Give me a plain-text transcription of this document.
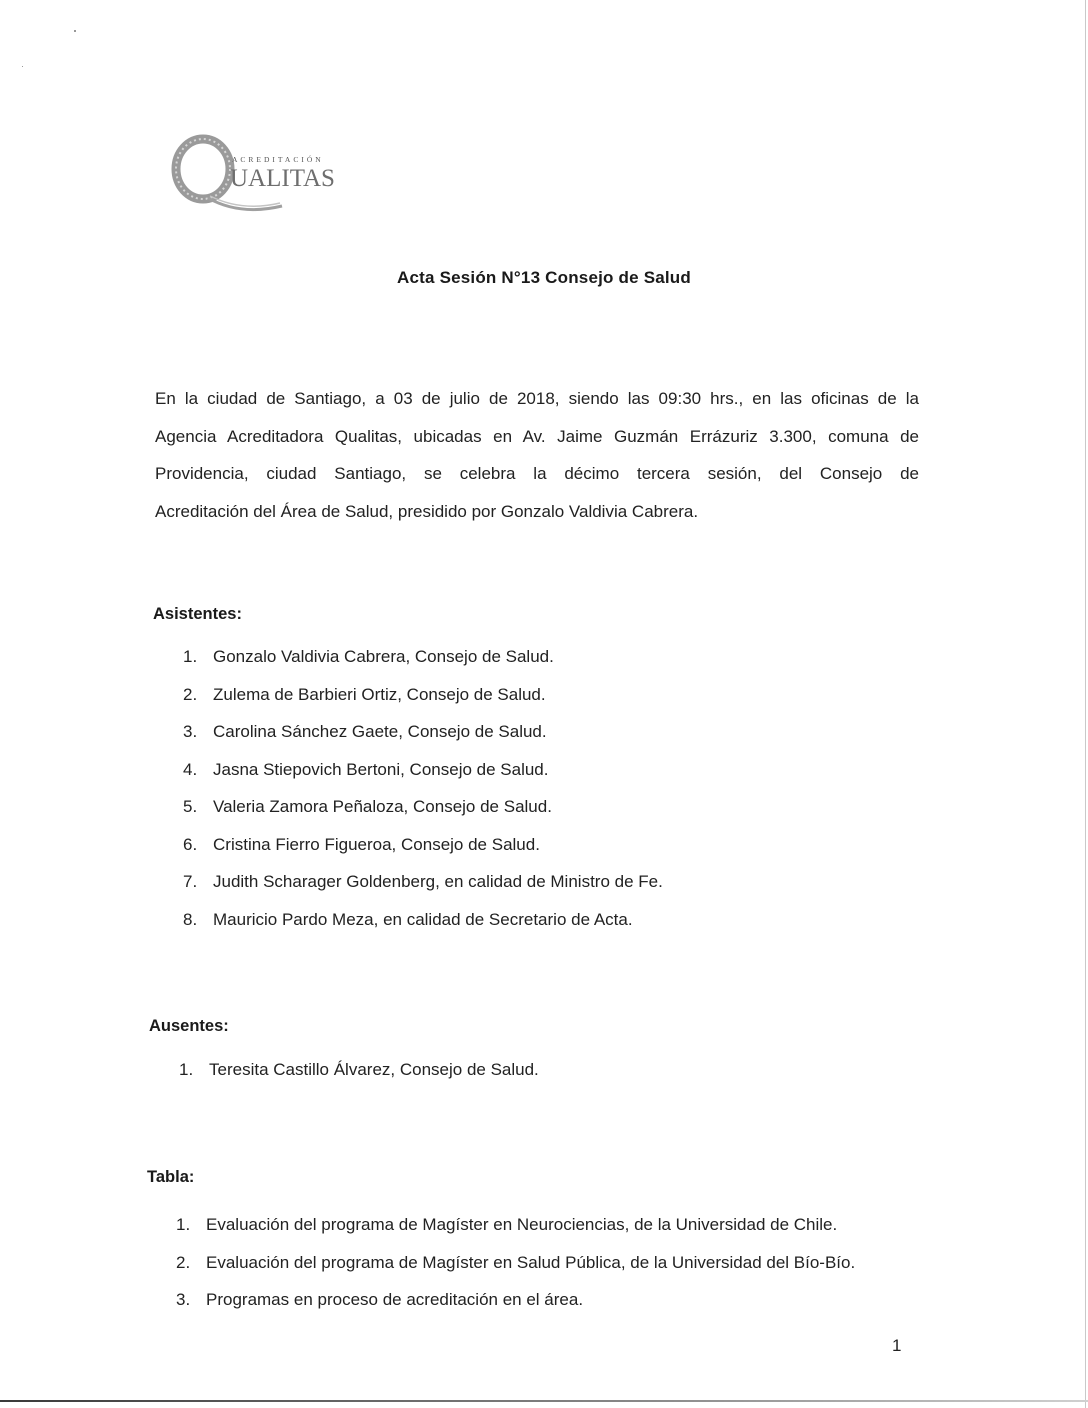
ACREDITACIÓN
UALITAS
Acta Sesión N°13 Consejo de Salud
En la ciudad de Santiago, a 03 de julio de 2018, siendo las 09:30 hrs., en las oficinas de la
Agencia Acreditadora Qualitas, ubicadas en Av. Jaime Guzmán Errázuriz 3.300, comuna de
Providencia, ciudad Santiago, se celebra la décimo tercera sesión, del Consejo de
Acreditación del Área de Salud, presidido por Gonzalo Valdivia Cabrera.
Asistentes:
1. Gonzalo Valdivia Cabrera, Consejo de Salud.
2. Zulema de Barbieri Ortiz, Consejo de Salud.
3. Carolina Sánchez Gaete, Consejo de Salud.
4. Jasna Stiepovich Bertoni, Consejo de Salud.
5. Valeria Zamora Peñaloza, Consejo de Salud.
6. Cristina Fierro Figueroa, Consejo de Salud.
7. Judith Scharager Goldenberg, en calidad de Ministro de Fe.
8. Mauricio Pardo Meza, en calidad de Secretario de Acta.
Ausentes:
1. Teresita Castillo Álvarez, Consejo de Salud.
Tabla:
1. Evaluación del programa de Magíster en Neurociencias, de la Universidad de Chile.
2. Evaluación del programa de Magíster en Salud Pública, de la Universidad del Bío-Bío.
3. Programas en proceso de acreditación en el área.
1
